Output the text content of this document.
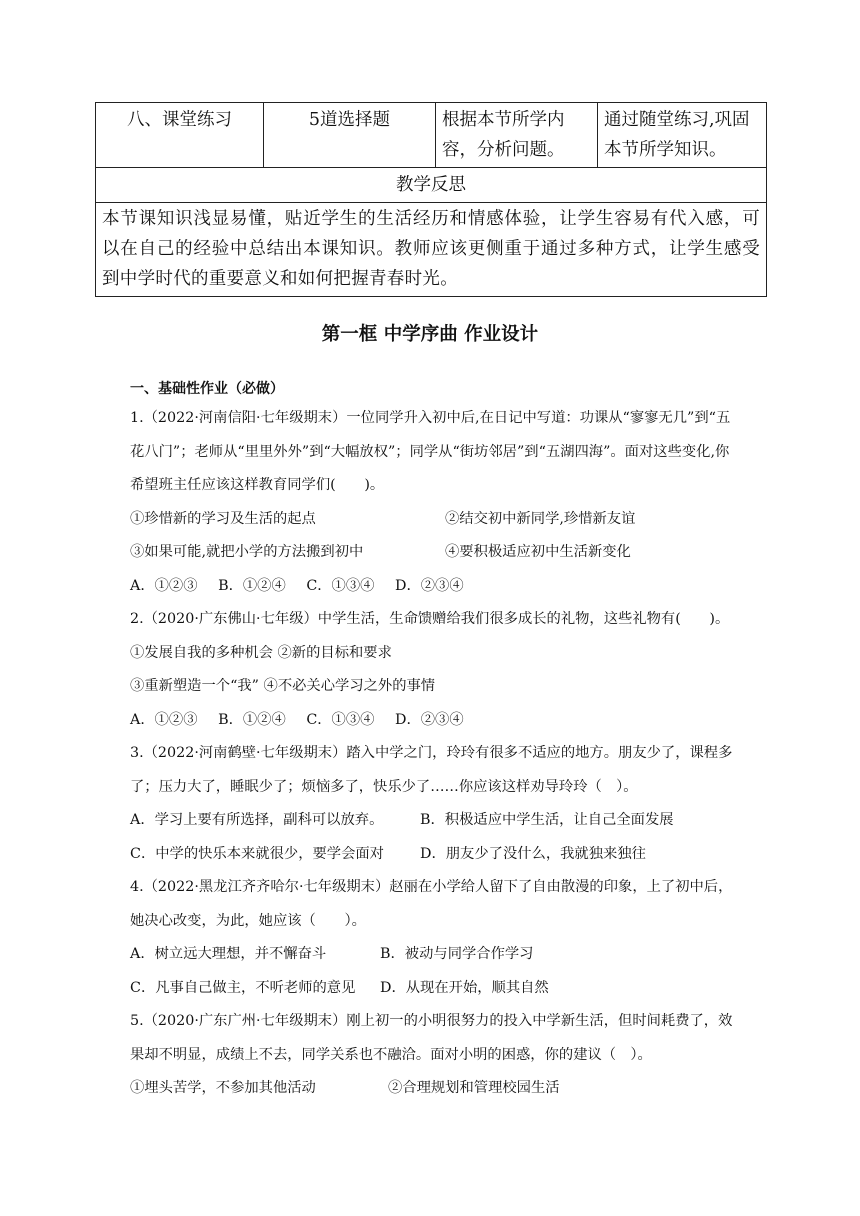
八、课堂练习	5道选择题	根据本节所学内容，分析问题。	通过随堂练习,巩固本节所学知识。
教学反思
本节课知识浅显易懂，贴近学生的生活经历和情感体验，让学生容易有代入感，可以在自己的经验中总结出本课知识。教师应该更侧重于通过多种方式，让学生感受到中学时代的重要意义和如何把握青春时光。
第一框 中学序曲 作业设计
一、基础性作业（必做）

1.（2022·河南信阳·七年级期末）一位同学升入初中后,在日记中写道：功课从“寥寥无几”到“五花八门”；老师从“里里外外”到“大幅放权”；同学从“街坊邻居”到“五湖四海”。面对这些变化,你希望班主任应该这样教育同学们(　　)。

①珍惜新的学习及生活的起点	②结交初中新同学,珍惜新友谊
③如果可能,就把小学的方法搬到初中	④要积极适应初中生活新变化
A．①②③ B．①②④ C．①③④ D．②③④

2.（2020·广东佛山·七年级）中学生活，生命馈赠给我们很多成长的礼物，这些礼物有(　　)。

①发展自我的多种机会 ②新的目标和要求

③重新塑造一个“我” ④不必关心学习之外的事情

A．①②③ B．①②④ C．①③④ D．②③④

3.（2022·河南鹤壁·七年级期末）踏入中学之门，玲玲有很多不适应的地方。朋友少了，课程多了；压力大了，睡眠少了；烦恼多了，快乐少了……你应该这样劝导玲玲（　）。

A．学习上要有所选择，副科可以放弃。	B．积极适应中学生活，让自己全面发展
C．中学的快乐本来就很少，要学会面对	D．朋友少了没什么，我就独来独往

4.（2022·黑龙江齐齐哈尔·七年级期末）赵丽在小学给人留下了自由散漫的印象，上了初中后，她决心改变，为此，她应该（　　）。

A．树立远大理想，并不懈奋斗	B．被动与同学合作学习
C．凡事自己做主，不听老师的意见	D．从现在开始，顺其自然

5.（2020·广东广州·七年级期末）刚上初一的小明很努力的投入中学新生活，但时间耗费了，效果却不明显，成绩上不去，同学关系也不融洽。面对小明的困惑，你的建议（　）。

①埋头苦学，不参加其他活动	②合理规划和管理校园生活
